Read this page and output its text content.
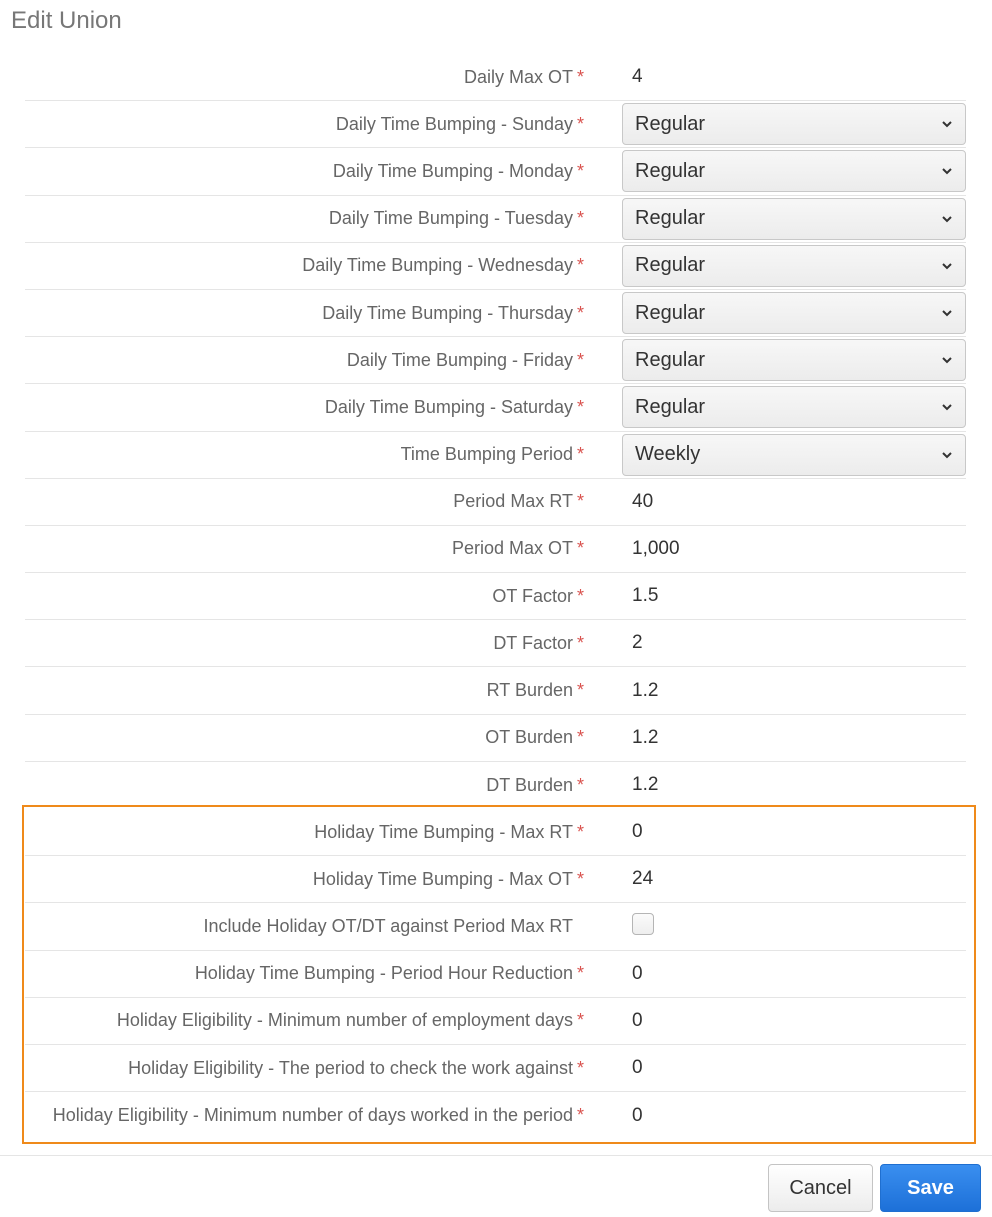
Edit Union
Daily Max OT *	4
Daily Time Bumping - Sunday *	Regular
Daily Time Bumping - Monday *	Regular
Daily Time Bumping - Tuesday *	Regular
Daily Time Bumping - Wednesday *	Regular
Daily Time Bumping - Thursday *	Regular
Daily Time Bumping - Friday *	Regular
Daily Time Bumping - Saturday *	Regular
Time Bumping Period *	Weekly
Period Max RT *	40
Period Max OT *	1,000
OT Factor *	1.5
DT Factor *	2
RT Burden *	1.2
OT Burden *	1.2
DT Burden *	1.2
Holiday Time Bumping - Max RT *	0
Holiday Time Bumping - Max OT *	24
Include Holiday OT/DT against Period Max RT
Holiday Time Bumping - Period Hour Reduction *	0
Holiday Eligibility - Minimum number of employment days *	0
Holiday Eligibility - The period to check the work against *	0
Holiday Eligibility - Minimum number of days worked in the period *	0
Cancel	Save
